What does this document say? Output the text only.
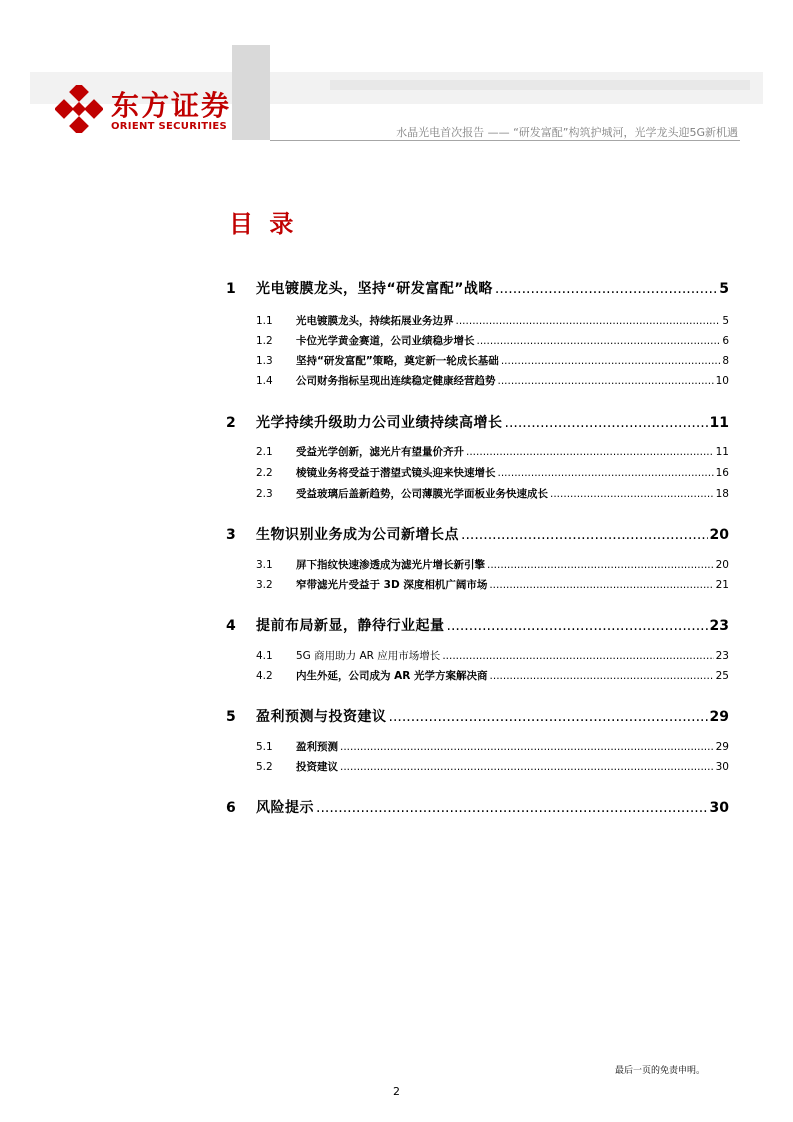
东方证券
ORIENT SECURITIES	水晶光电首次报告 —— “研发富配”构筑护城河，光学龙头迎5G新机遇
目 录
1	光电镀膜龙头，坚持“研发富配”战略 .....	5
1.1	光电镀膜龙头，持续拓展业务边界 .....	5
1.2	卡位光学黄金赛道，公司业绩稳步增长 .....	6
1.3	坚持“研发富配”策略，奠定新一轮成长基础 .....	8
1.4	公司财务指标呈现出连续稳定健康经营趋势 .....	10
2	光学持续升级助力公司业绩持续高增长 .....	11
2.1	受益光学创新，滤光片有望量价齐升 .....	11
2.2	棱镜业务将受益于潜望式镜头迎来快速增长 .....	16
2.3	受益玻璃后盖新趋势，公司薄膜光学面板业务快速成长 .....	18
3	生物识别业务成为公司新增长点 .....	20
3.1	屏下指纹快速渗透成为滤光片增长新引擎 .....	20
3.2	窄带滤光片受益于 3D 深度相机广阔市场 .....	21
4	提前布局新显，静待行业起量 .....	23
4.1	5G 商用助力 AR 应用市场增长 .....	23
4.2	内生外延，公司成为 AR 光学方案解决商 .....	25
5	盈利预测与投资建议 .....	29
5.1	盈利预测 .....	29
5.2	投资建议 .....	30
6	风险提示 .....	30
最后一页的免责申明。
2
